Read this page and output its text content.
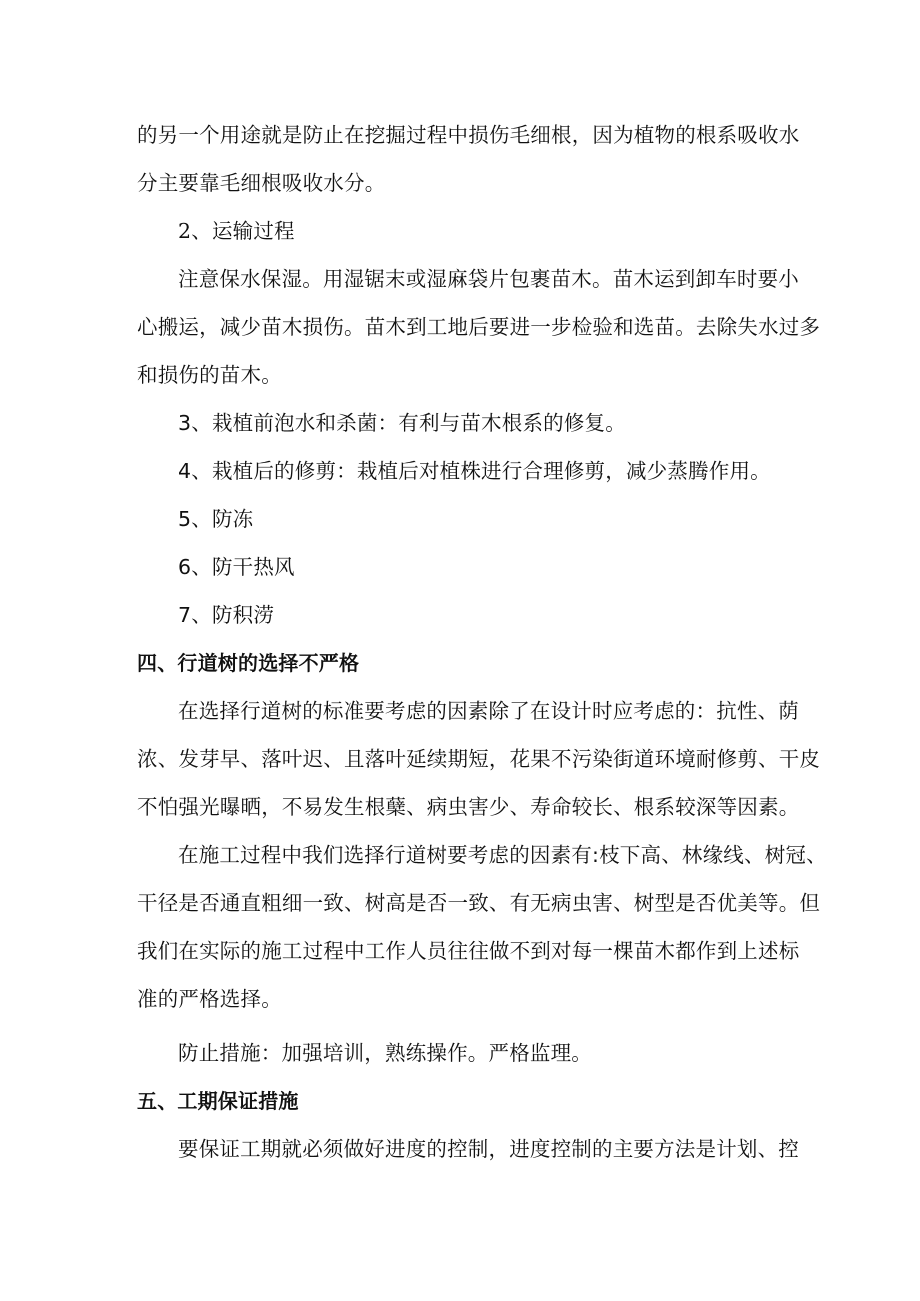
的另一个用途就是防止在挖掘过程中损伤毛细根，因为植物的根系吸收水
分主要靠毛细根吸收水分。
2、运输过程
注意保水保湿。用湿锯末或湿麻袋片包裹苗木。苗木运到卸车时要小
心搬运，减少苗木损伤。苗木到工地后要进一步检验和选苗。去除失水过多
和损伤的苗木。
3、栽植前泡水和杀菌：有利与苗木根系的修复。
4、栽植后的修剪：栽植后对植株进行合理修剪，减少蒸腾作用。
5、防冻
6、防干热风
7、防积涝
四、行道树的选择不严格
在选择行道树的标准要考虑的因素除了在设计时应考虑的：抗性、荫
浓、发芽早、落叶迟、且落叶延续期短，花果不污染街道环境耐修剪、干皮
不怕强光曝晒，不易发生根蘖、病虫害少、寿命较长、根系较深等因素。
在施工过程中我们选择行道树要考虑的因素有:枝下高、林缘线、树冠、
干径是否通直粗细一致、树高是否一致、有无病虫害、树型是否优美等。但
我们在实际的施工过程中工作人员往往做不到对每一棵苗木都作到上述标
准的严格选择。
防止措施：加强培训，熟练操作。严格监理。
五、工期保证措施
要保证工期就必须做好进度的控制，进度控制的主要方法是计划、控
